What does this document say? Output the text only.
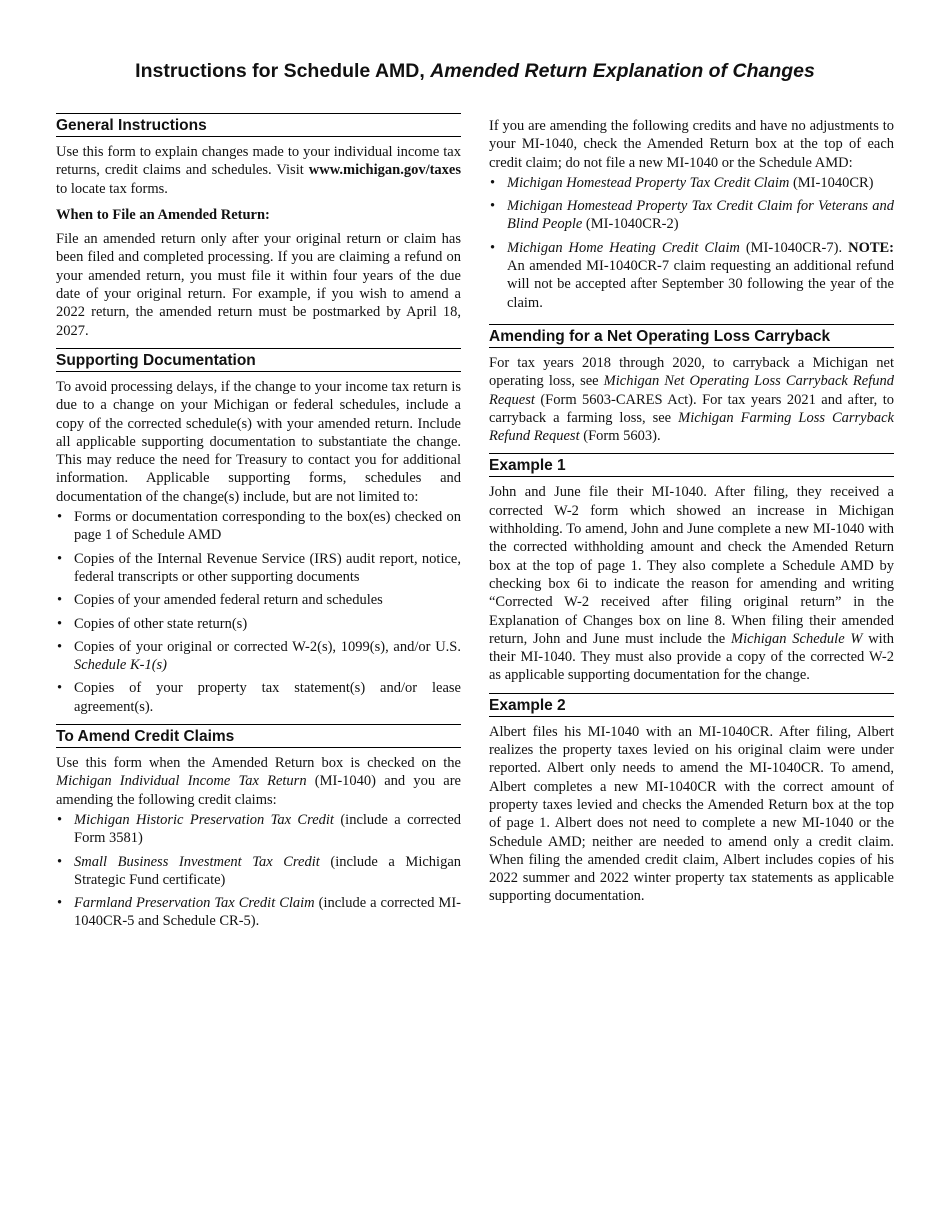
Instructions for Schedule AMD, Amended Return Explanation of Changes
General Instructions

Use this form to explain changes made to your individual income tax returns, credit claims and schedules. Visit www.michigan.gov/taxes to locate tax forms.

When to File an Amended Return:

File an amended return only after your original return or claim has been filed and completed processing. If you are claiming a refund on your amended return, you must file it within four years of the due date of your original return. For example, if you wish to amend a 2022 return, the amended return must be postmarked by April 18, 2027.

Supporting Documentation

To avoid processing delays, if the change to your income tax return is due to a change on your Michigan or federal schedules, include a copy of the corrected schedule(s) with your amended return. Include all applicable supporting documentation to substantiate the change. This may reduce the need for Treasury to contact you for additional information. Applicable supporting forms, schedules and documentation of the change(s) include, but are not limited to:

• Forms or documentation corresponding to the box(es) checked on page 1 of Schedule AMD
• Copies of the Internal Revenue Service (IRS) audit report, notice, federal transcripts or other supporting documents
• Copies of your amended federal return and schedules
• Copies of other state return(s)
• Copies of your original or corrected W-2(s), 1099(s), and/or U.S. Schedule K-1(s)
• Copies of your property tax statement(s) and/or lease agreement(s).
To Amend Credit Claims

Use this form when the Amended Return box is checked on the Michigan Individual Income Tax Return (MI-1040) and you are amending the following credit claims:

• Michigan Historic Preservation Tax Credit (include a corrected Form 3581)
• Small Business Investment Tax Credit (include a Michigan Strategic Fund certificate)
• Farmland Preservation Tax Credit Claim (include a corrected MI-1040CR-5 and Schedule CR-5).

If you are amending the following credits and have no adjustments to your MI-1040, check the Amended Return box at the top of each credit claim; do not file a new MI-1040 or the Schedule AMD:

• Michigan Homestead Property Tax Credit Claim (MI-1040CR)
• Michigan Homestead Property Tax Credit Claim for Veterans and Blind People (MI-1040CR-2)
• Michigan Home Heating Credit Claim (MI-1040CR-7). NOTE: An amended MI-1040CR-7 claim requesting an additional refund will not be accepted after September 30 following the year of the claim.
Amending for a Net Operating Loss Carryback

For tax years 2018 through 2020, to carryback a Michigan net operating loss, see Michigan Net Operating Loss Carryback Refund Request (Form 5603-CARES Act). For tax years 2021 and after, to carryback a farming loss, see Michigan Farming Loss Carryback Refund Request (Form 5603).

Example 1

John and June file their MI-1040. After filing, they received a corrected W-2 form which showed an increase in Michigan withholding. To amend, John and June complete a new MI-1040 with the corrected withholding amount and check the Amended Return box at the top of page 1. They also complete a Schedule AMD by checking box 6i to indicate the reason for amending and writing “Corrected W-2 received after filing original return” in the Explanation of Changes box on line 8. When filing their amended return, John and June must include the Michigan Schedule W with their MI-1040. They must also provide a copy of the corrected W-2 as applicable supporting documentation for the change.

Example 2

Albert files his MI-1040 with an MI-1040CR. After filing, Albert realizes the property taxes levied on his original claim were under reported. Albert only needs to amend the MI-1040CR. To amend, Albert completes a new MI-1040CR with the correct amount of property taxes levied and checks the Amended Return box at the top of page 1. Albert does not need to complete a new MI-1040 or the Schedule AMD; neither are needed to amend only a credit claim. When filing the amended credit claim, Albert includes copies of his 2022 summer and 2022 winter property tax statements as applicable supporting documentation.
